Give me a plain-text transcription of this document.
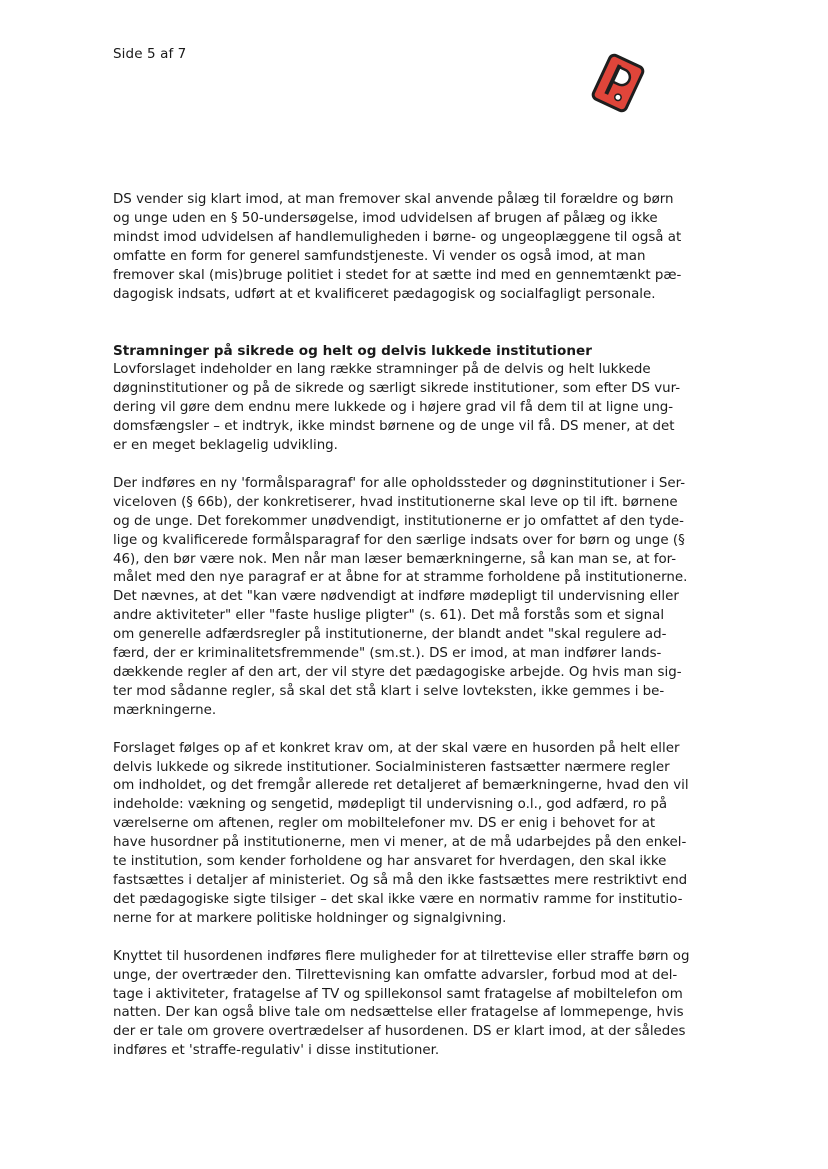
Side 5 af 7

DS vender sig klart imod, at man fremover skal anvende pålæg til forældre og børn
og unge uden en § 50-undersøgelse, imod udvidelsen af brugen af pålæg og ikke
mindst imod udvidelsen af handlemuligheden i børne- og ungeoplæggene til også at
omfatte en form for generel samfundstjeneste. Vi vender os også imod, at man
fremover skal (mis)bruge politiet i stedet for at sætte ind med en gennemtænkt pæ-
dagogisk indsats, udført at et kvalificeret pædagogisk og socialfagligt personale.

Stramninger på sikrede og helt og delvis lukkede institutioner

Lovforslaget indeholder en lang række stramninger på de delvis og helt lukkede
døgninstitutioner og på de sikrede og særligt sikrede institutioner, som efter DS vur-
dering vil gøre dem endnu mere lukkede og i højere grad vil få dem til at ligne ung-
domsfængsler – et indtryk, ikke mindst børnene og de unge vil få. DS mener, at det
er en meget beklagelig udvikling.

Der indføres en ny 'formålsparagraf' for alle opholdssteder og døgninstitutioner i Ser-
viceloven (§ 66b), der konkretiserer, hvad institutionerne skal leve op til ift. børnene
og de unge. Det forekommer unødvendigt, institutionerne er jo omfattet af den tyde-
lige og kvalificerede formålsparagraf for den særlige indsats over for børn og unge (§
46), den bør være nok. Men når man læser bemærkningerne, så kan man se, at for-
målet med den nye paragraf er at åbne for at stramme forholdene på institutionerne.
Det nævnes, at det "kan være nødvendigt at indføre mødepligt til undervisning eller
andre aktiviteter" eller "faste huslige pligter" (s. 61). Det må forstås som et signal
om generelle adfærdsregler på institutionerne, der blandt andet "skal regulere ad-
færd, der er kriminalitetsfremmende" (sm.st.). DS er imod, at man indfører lands-
dækkende regler af den art, der vil styre det pædagogiske arbejde. Og hvis man sig-
ter mod sådanne regler, så skal det stå klart i selve lovteksten, ikke gemmes i be-
mærkningerne.

Forslaget følges op af et konkret krav om, at der skal være en husorden på helt eller
delvis lukkede og sikrede institutioner. Socialministeren fastsætter nærmere regler
om indholdet, og det fremgår allerede ret detaljeret af bemærkningerne, hvad den vil
indeholde: vækning og sengetid, mødepligt til undervisning o.l., god adfærd, ro på
værelserne om aftenen, regler om mobiltelefoner mv. DS er enig i behovet for at
have husordner på institutionerne, men vi mener, at de må udarbejdes på den enkel-
te institution, som kender forholdene og har ansvaret for hverdagen, den skal ikke
fastsættes i detaljer af ministeriet. Og så må den ikke fastsættes mere restriktivt end
det pædagogiske sigte tilsiger – det skal ikke være en normativ ramme for institutio-
nerne for at markere politiske holdninger og signalgivning.

Knyttet til husordenen indføres flere muligheder for at tilrettevise eller straffe børn og
unge, der overtræder den. Tilrettevisning kan omfatte advarsler, forbud mod at del-
tage i aktiviteter, fratagelse af TV og spillekonsol samt fratagelse af mobiltelefon om
natten. Der kan også blive tale om nedsættelse eller fratagelse af lommepenge, hvis
der er tale om grovere overtrædelser af husordenen. DS er klart imod, at der således
indføres et 'straffe-regulativ' i disse institutioner.
